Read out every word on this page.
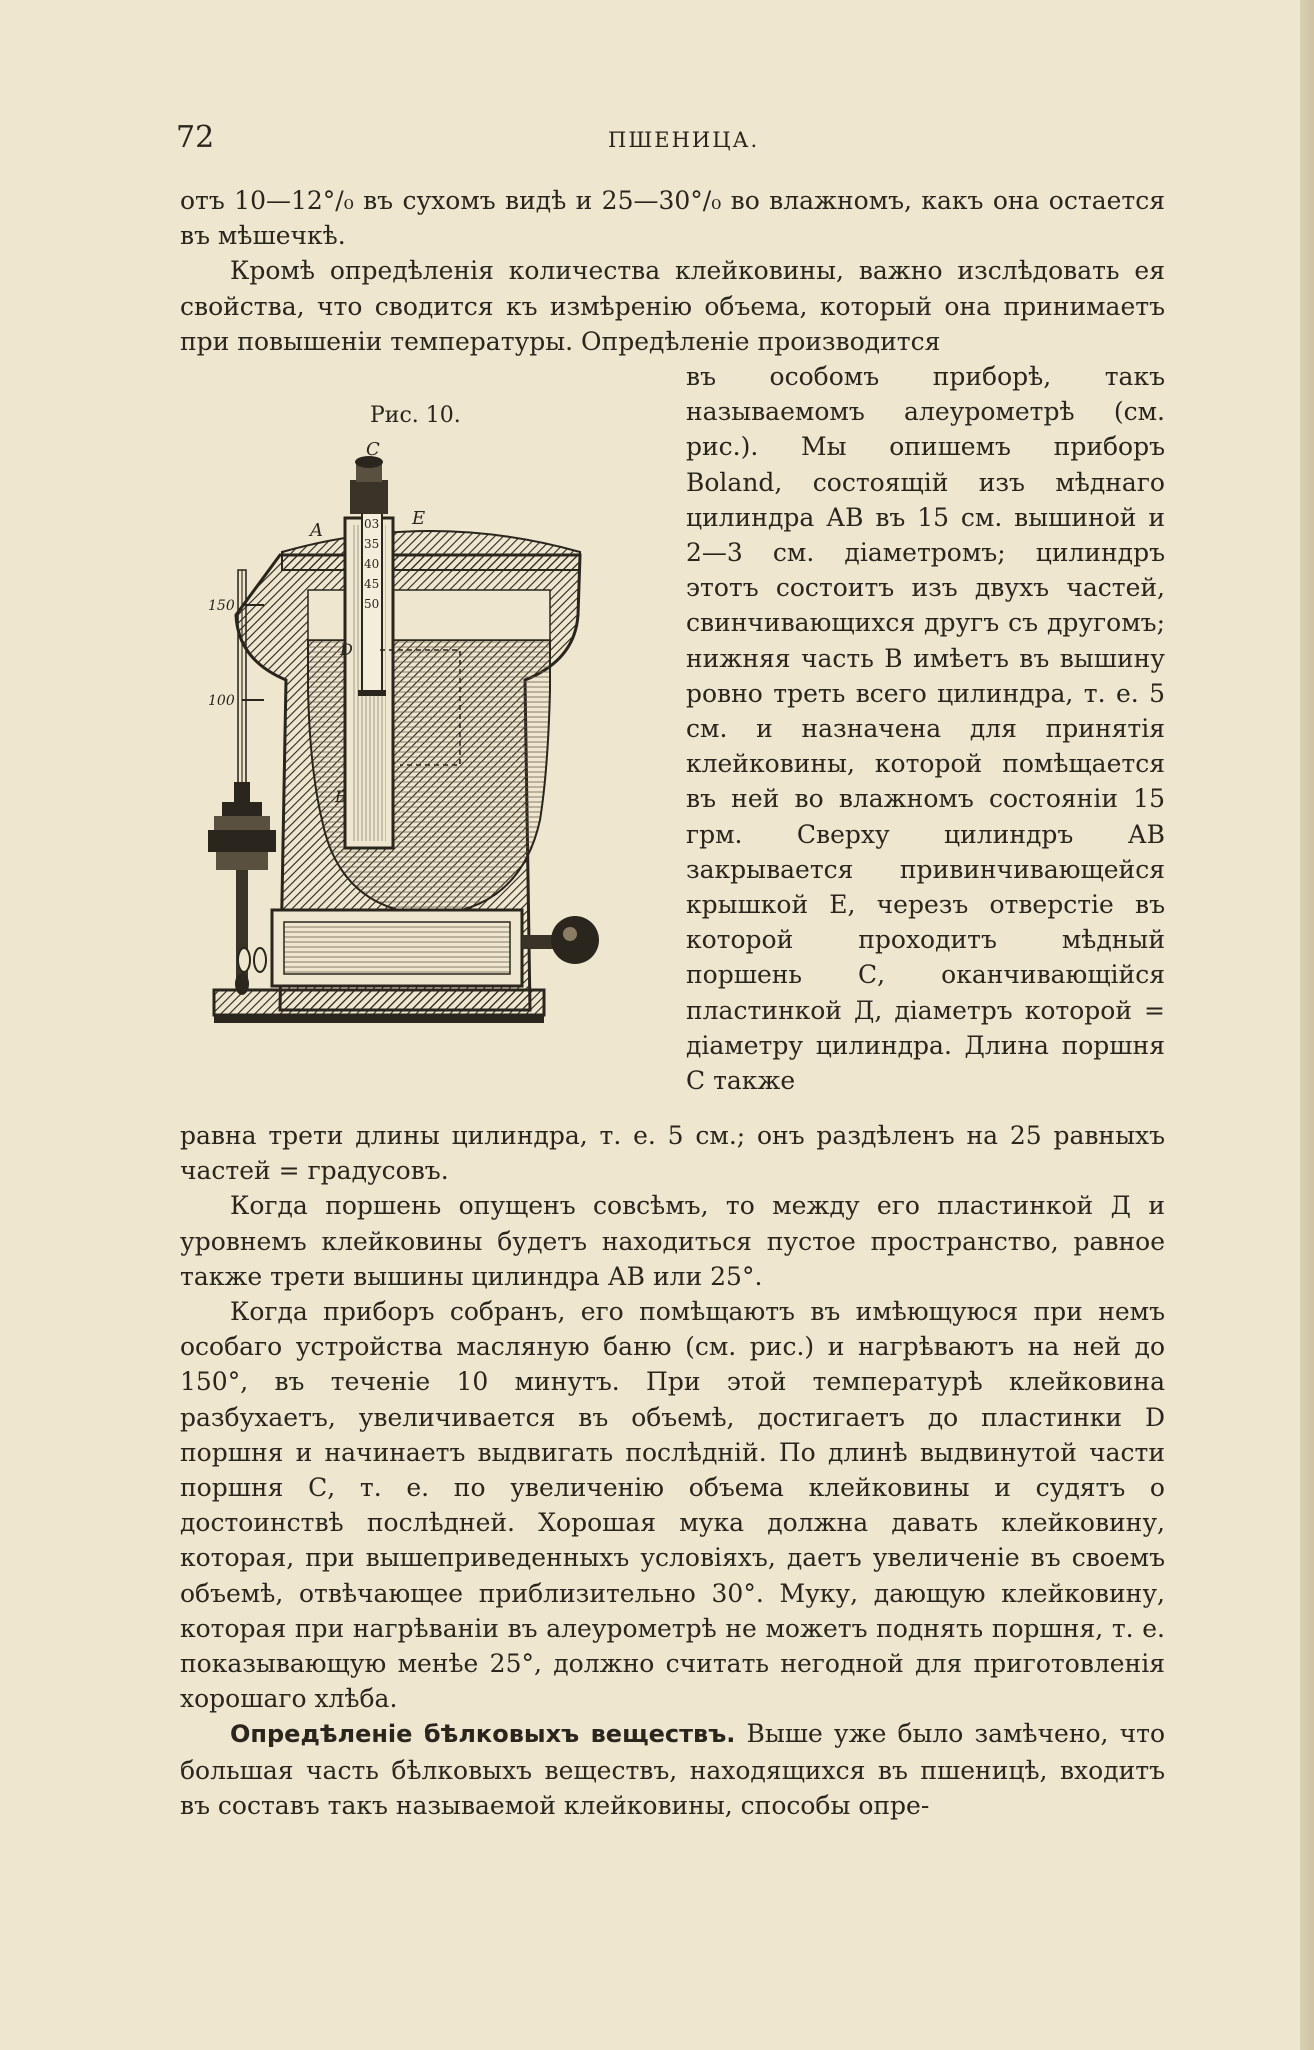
72	ПШЕНИЦА.

отъ 10—12°/₀ въ сухомъ видѣ и 25—30°/₀ во влажномъ, какъ она остается въ мѣшечкѣ.

Кромѣ опредѣленія количества клейковины, важно изслѣдовать ея свойства, что сводится къ измѣренію объема, который она принимаетъ при повышеніи температуры. Опредѣленіе производится

въ особомъ приборѣ, такъ называемомъ алеурометрѣ (см. рис.). Мы опишемъ приборъ Boland, состоящій изъ мѣднаго цилиндра АВ въ 15 см. вышиной и 2—3 см. діаметромъ; цилиндръ этотъ состоитъ изъ двухъ частей, свинчивающихся другъ съ другомъ; нижняя часть В имѣетъ въ вышину ровно треть всего цилиндра, т. е. 5 см. и назначена для принятія клейковины, которой помѣщается въ ней во влажномъ состояніи 15 грм. Сверху цилиндръ АВ закрывается привинчивающейся крышкой Е, черезъ отверстіе въ которой проходитъ мѣдный поршень С, оканчивающійся пластинкой Д, діаметръ которой = діаметру цилиндра. Длина поршня С также

Рис. 10.
150
100
03
35
40
45
50
C
A
E
D
B

равна трети длины цилиндра, т. е. 5 см.; онъ раздѣленъ на 25 равныхъ частей = градусовъ.

Когда поршень опущенъ совсѣмъ, то между его пластинкой Д и уровнемъ клейковины будетъ находиться пустое пространство, равное также трети вышины цилиндра АВ или 25°.

Когда приборъ собранъ, его помѣщаютъ въ имѣющуюся при немъ особаго устройства масляную баню (см. рис.) и нагрѣваютъ на ней до 150°, въ теченіе 10 минутъ. При этой температурѣ клейковина разбухаетъ, увеличивается въ объемѣ, достигаетъ до пластинки D поршня и начинаетъ выдвигать послѣдній. По длинѣ выдвинутой части поршня С, т. е. по увеличенію объема клейковины и судятъ о достоинствѣ послѣдней. Хорошая мука должна давать клейковину, которая, при вышеприведенныхъ условіяхъ, даетъ увеличеніе въ своемъ объемѣ, отвѣчающее приблизительно 30°. Муку, дающую клейковину, которая при нагрѣваніи въ алеурометрѣ не можетъ поднять поршня, т. е. показывающую менѣе 25°, должно считать негодной для приготовленія хорошаго хлѣба.

Опредѣленіе бѣлковыхъ веществъ. Выше уже было замѣчено, что большая часть бѣлковыхъ веществъ, находящихся въ пшеницѣ, входитъ въ составъ такъ называемой клейковины, способы опре-
